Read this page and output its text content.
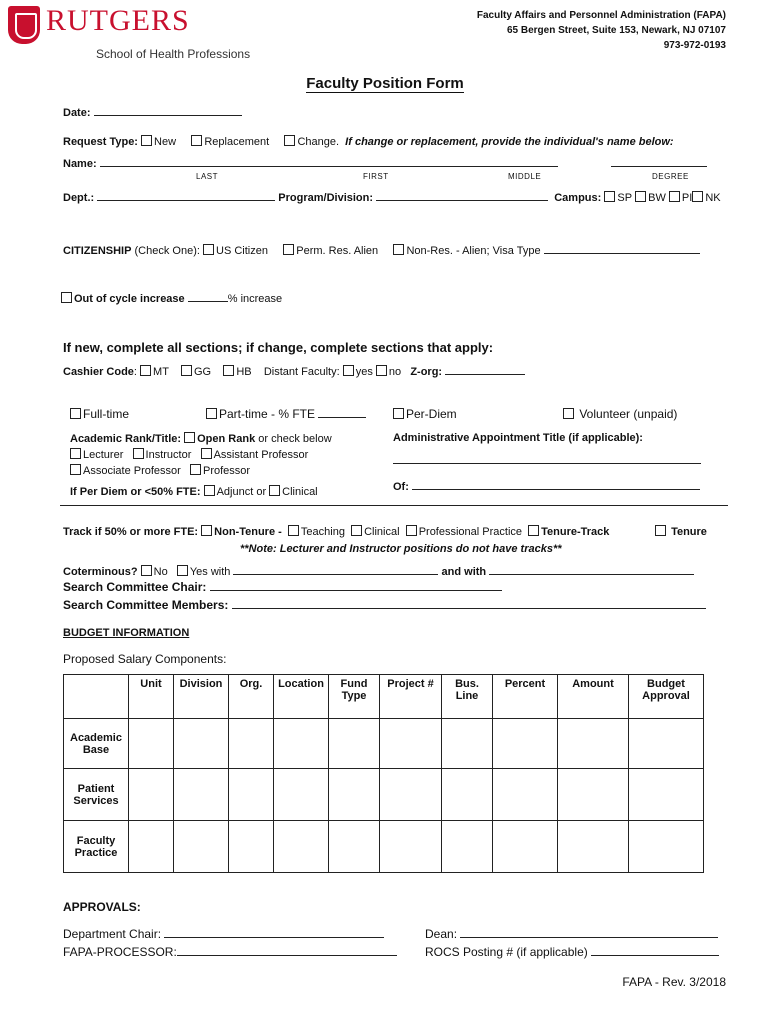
RUTGERS
School of Health Professions
Faculty Affairs and Personnel Administration (FAPA)
65 Bergen Street, Suite 153, Newark, NJ 07107
973-972-0193
Faculty Position Form
Date:
Request Type: New	Replacement	Change. If change or replacement, provide the individual's name below:
Name:
LAST	FIRST	MIDDLE	DEGREE
Dept.:	Program/Division:	Campus: SP BW PI NK
CITIZENSHIP (Check One): US Citizen	Perm. Res. Alien	Non-Res. - Alien; Visa Type
Out of cycle increase	% increase
If new, complete all sections; if change, complete sections that apply:
Cashier Code: MT GG HB Distant Faculty: yes no Z-org:
Full-time	Part-time - % FTE	Per-Diem	Volunteer (unpaid)
Academic Rank/Title: Open Rank or check below
Lecturer Instructor Assistant Professor
Associate Professor Professor
If Per Diem or <50% FTE: Adjunct or Clinical
Administrative Appointment Title (if applicable):
Of:
Track if 50% or more FTE: Non-Tenure - Teaching Clinical Professional Practice Tenure-Track	Tenure
**Note: Lecturer and Instructor positions do not have tracks**
Coterminous? No Yes with	and with
Search Committee Chair:
Search Committee Members:
BUDGET INFORMATION
Proposed Salary Components:
	Unit	Division	Org.	Location	Fund Type	Project #	Bus. Line	Percent	Amount	Budget Approval
Academic Base										
Patient Services										
Faculty Practice										
APPROVALS:
Department Chair:
FAPA-PROCESSOR:
Dean:
ROCS Posting # (if applicable)
FAPA - Rev. 3/2018
